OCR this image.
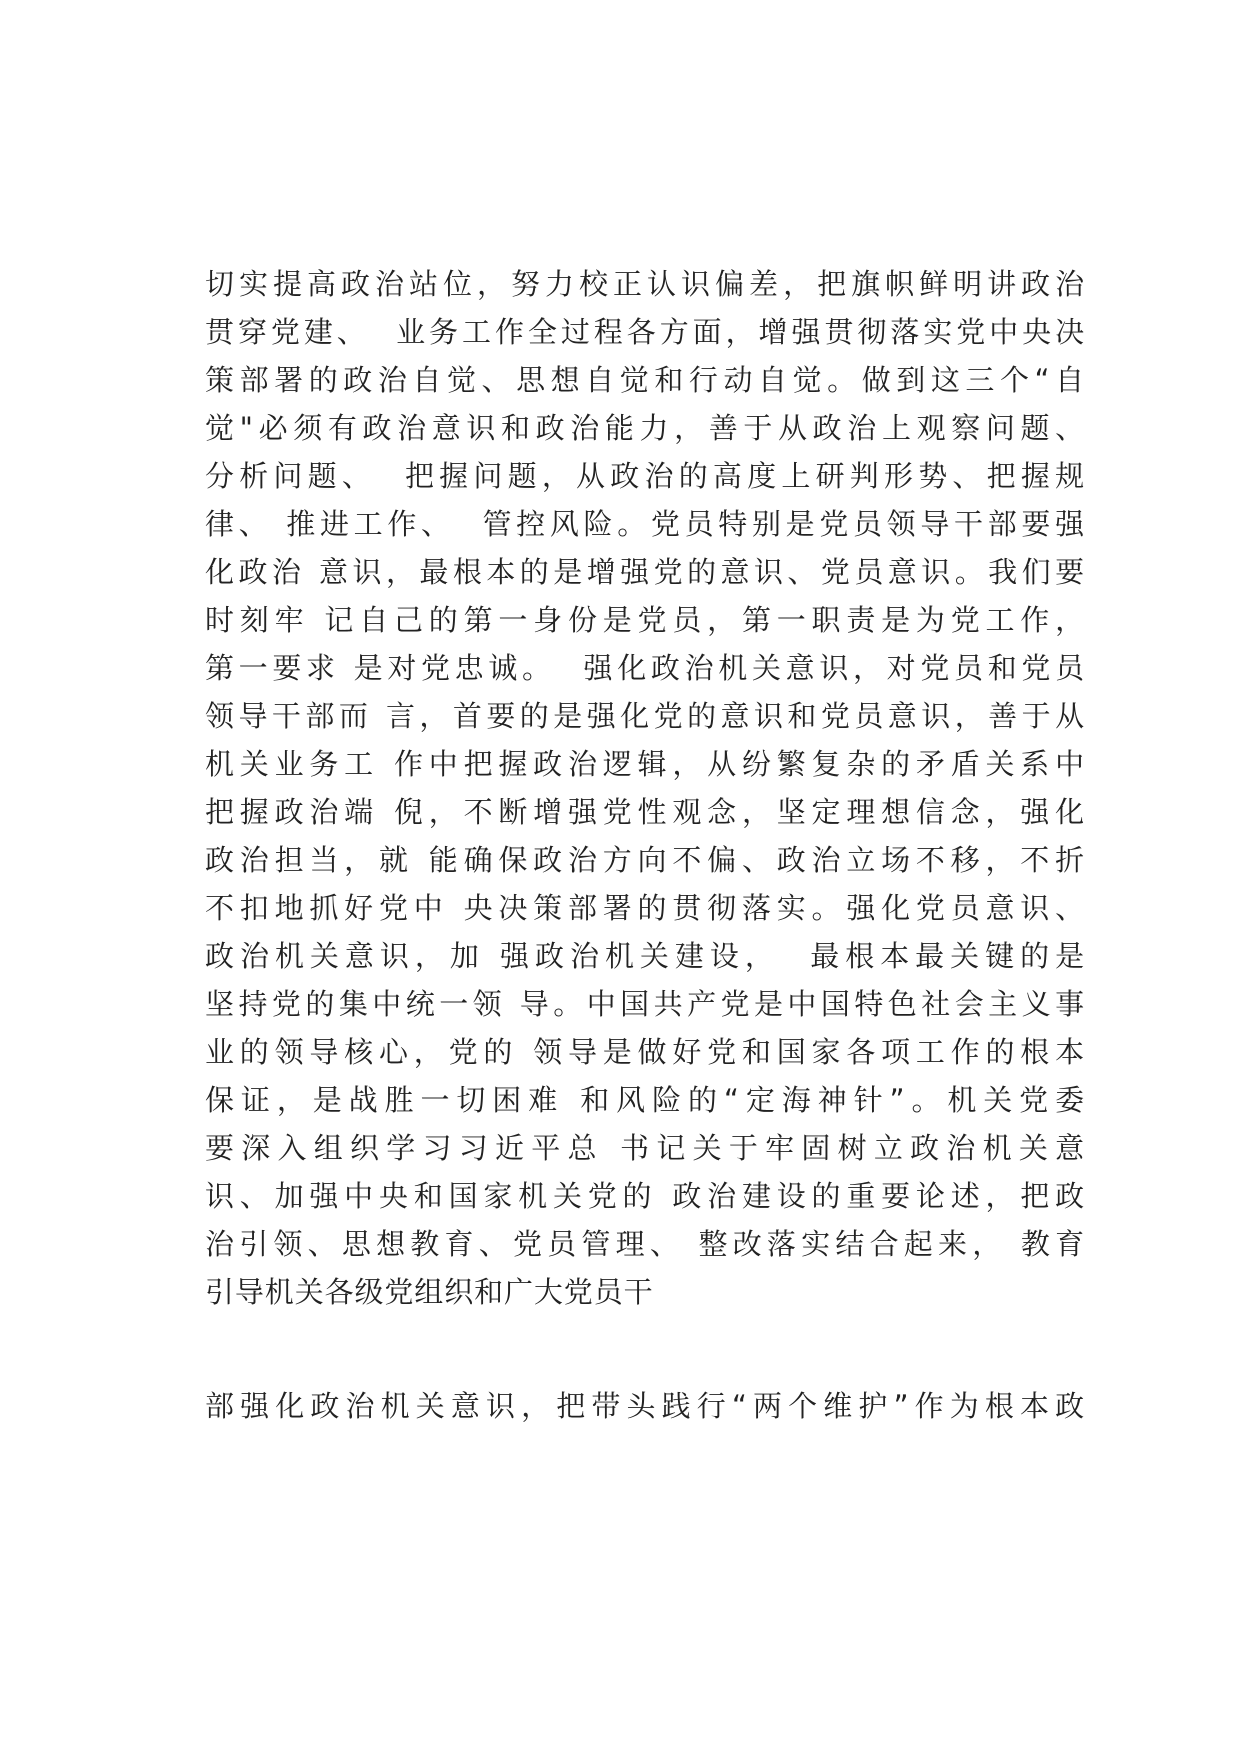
切实提高政治站位，努力校正认识偏差，把旗帜鲜明讲政治
贯穿党建、  业务工作全过程各方面，增强贯彻落实党中央决
策部署的政治自觉、思想自觉和行动自觉。做到这三个“自
觉"必须有政治意识和政治能力，善于从政治上观察问题、
分析问题、  把握问题，从政治的高度上研判形势、把握规
律、 推进工作、  管控风险。党员特别是党员领导干部要强
化政治 意识，最根本的是增强党的意识、党员意识。我们要
时刻牢 记自己的第一身份是党员，第一职责是为党工作，
第一要求 是对党忠诚。  强化政治机关意识，对党员和党员
领导干部而 言，首要的是强化党的意识和党员意识，善于从
机关业务工 作中把握政治逻辑，从纷繁复杂的矛盾关系中
把握政治端 倪，不断增强党性观念，坚定理想信念，强化
政治担当，就 能确保政治方向不偏、政治立场不移，不折
不扣地抓好党中 央决策部署的贯彻落实。强化党员意识、
政治机关意识，加 强政治机关建设，  最根本最关键的是
坚持党的集中统一领 导。中国共产党是中国特色社会主义事
业的领导核心，党的 领导是做好党和国家各项工作的根本
保证，是战胜一切困难 和风险的“定海神针”。机关党委
要深入组织学习习近平总 书记关于牢固树立政治机关意
识、加强中央和国家机关党的 政治建设的重要论述，把政
治引领、思想教育、党员管理、 整改落实结合起来， 教育
引导机关各级党组织和广大党员干
部强化政治机关意识，把带头践行“两个维护”作为根本政
